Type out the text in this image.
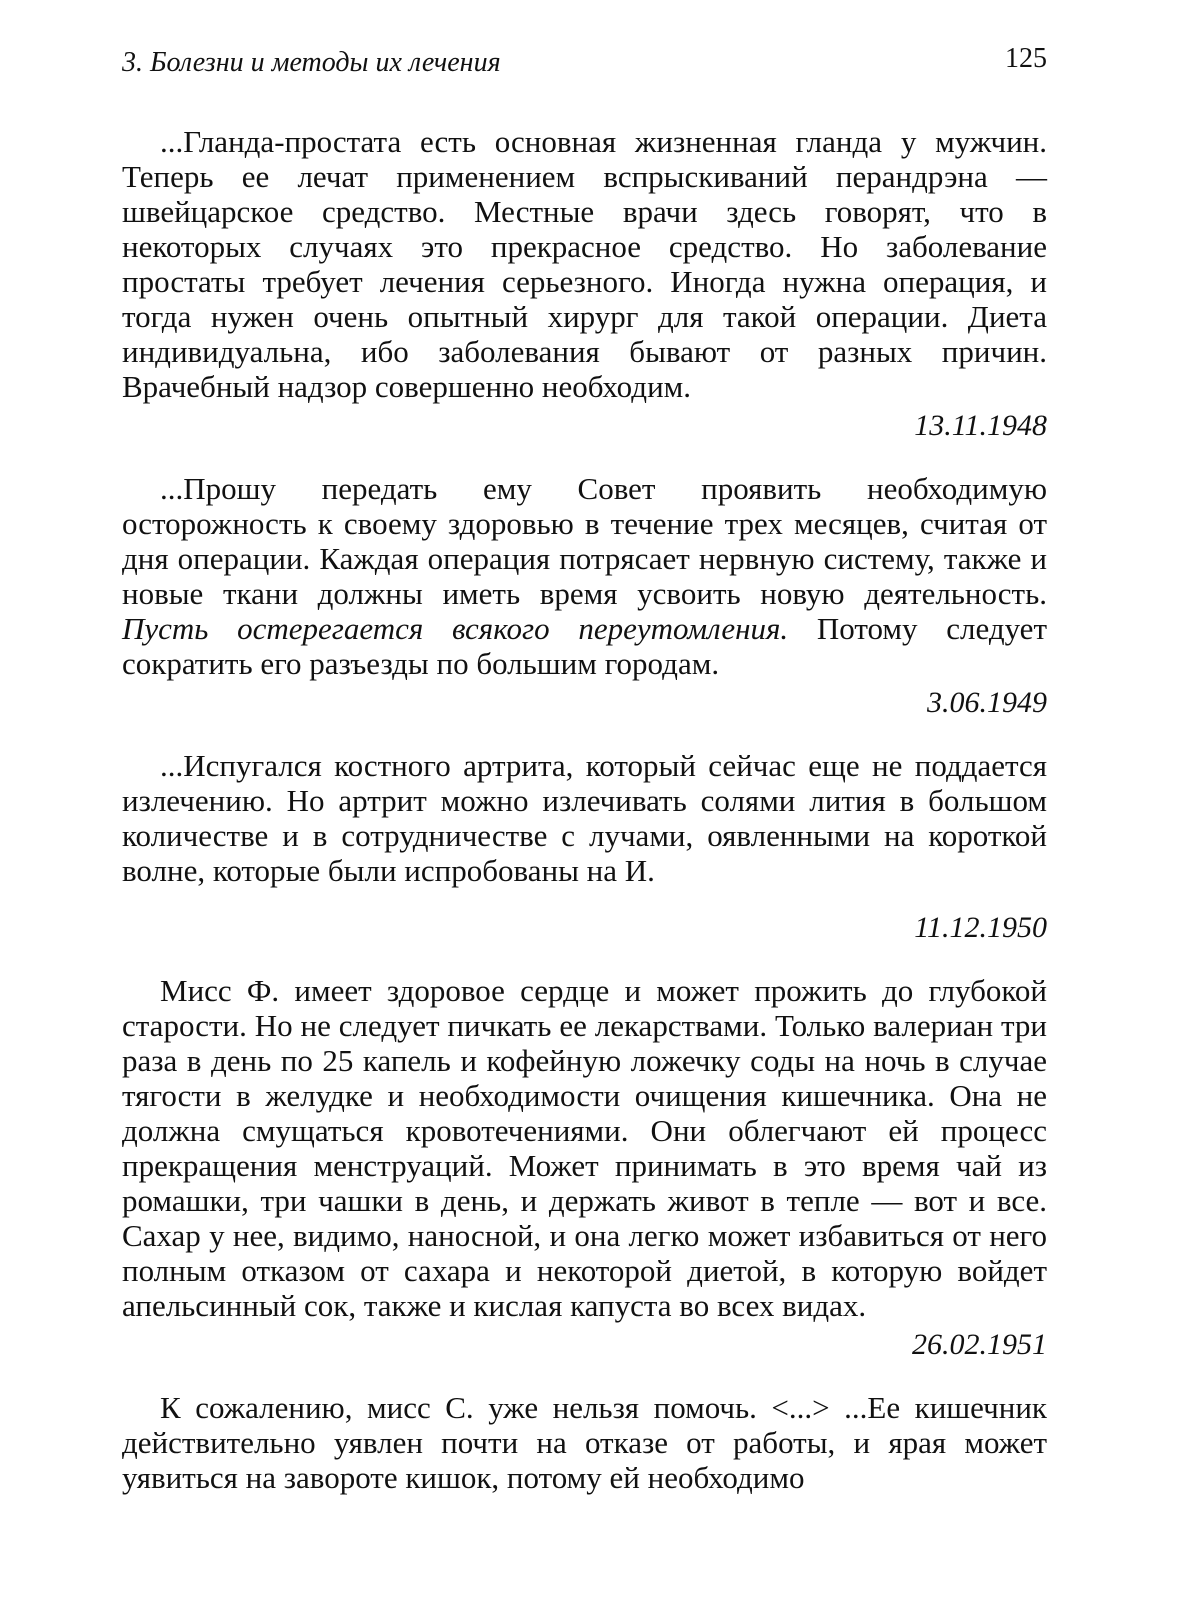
3. Болезни и методы их лечения	125

...Гланда-простата есть основная жизненная гланда у мужчин. Теперь ее лечат применением вспрыскиваний перандрэна — швейцарское средство. Местные врачи здесь говорят, что в некоторых случаях это прекрасное средство. Но заболевание простаты требует лечения серьезного. Иногда нужна операция, и тогда нужен очень опытный хирург для такой операции. Диета индивидуальна, ибо заболевания бывают от разных причин. Врачебный надзор совершенно необходим.

13.11.1948

...Прошу передать ему Совет проявить необходимую осторожность к своему здоровью в течение трех месяцев, считая от дня операции. Каждая операция потрясает нервную систему, также и новые ткани должны иметь время усвоить новую деятельность. Пусть остерегается всякого переутомления. Потому следует сократить его разъезды по большим городам.

3.06.1949

...Испугался костного артрита, который сейчас еще не поддается излечению. Но артрит можно излечивать солями лития в большом количестве и в сотрудничестве с лучами, оявленными на короткой волне, которые были испробованы на И.

11.12.1950

Мисс Ф. имеет здоровое сердце и может прожить до глубокой старости. Но не следует пичкать ее лекарствами. Только валериан три раза в день по 25 капель и кофейную ложечку соды на ночь в случае тягости в желудке и необходимости очищения кишечника. Она не должна смущаться кровотечениями. Они облегчают ей процесс прекращения менструаций. Может принимать в это время чай из ромашки, три чашки в день, и держать живот в тепле — вот и все. Сахар у нее, видимо, наносной, и она легко может избавиться от него полным отказом от сахара и некоторой диетой, в которую войдет апельсинный сок, также и кислая капуста во всех видах.

26.02.1951

К сожалению, мисс С. уже нельзя помочь. <...> ...Ее кишечник действительно уявлен почти на отказе от работы, и ярая может уявиться на завороте кишок, потому ей необходимо
